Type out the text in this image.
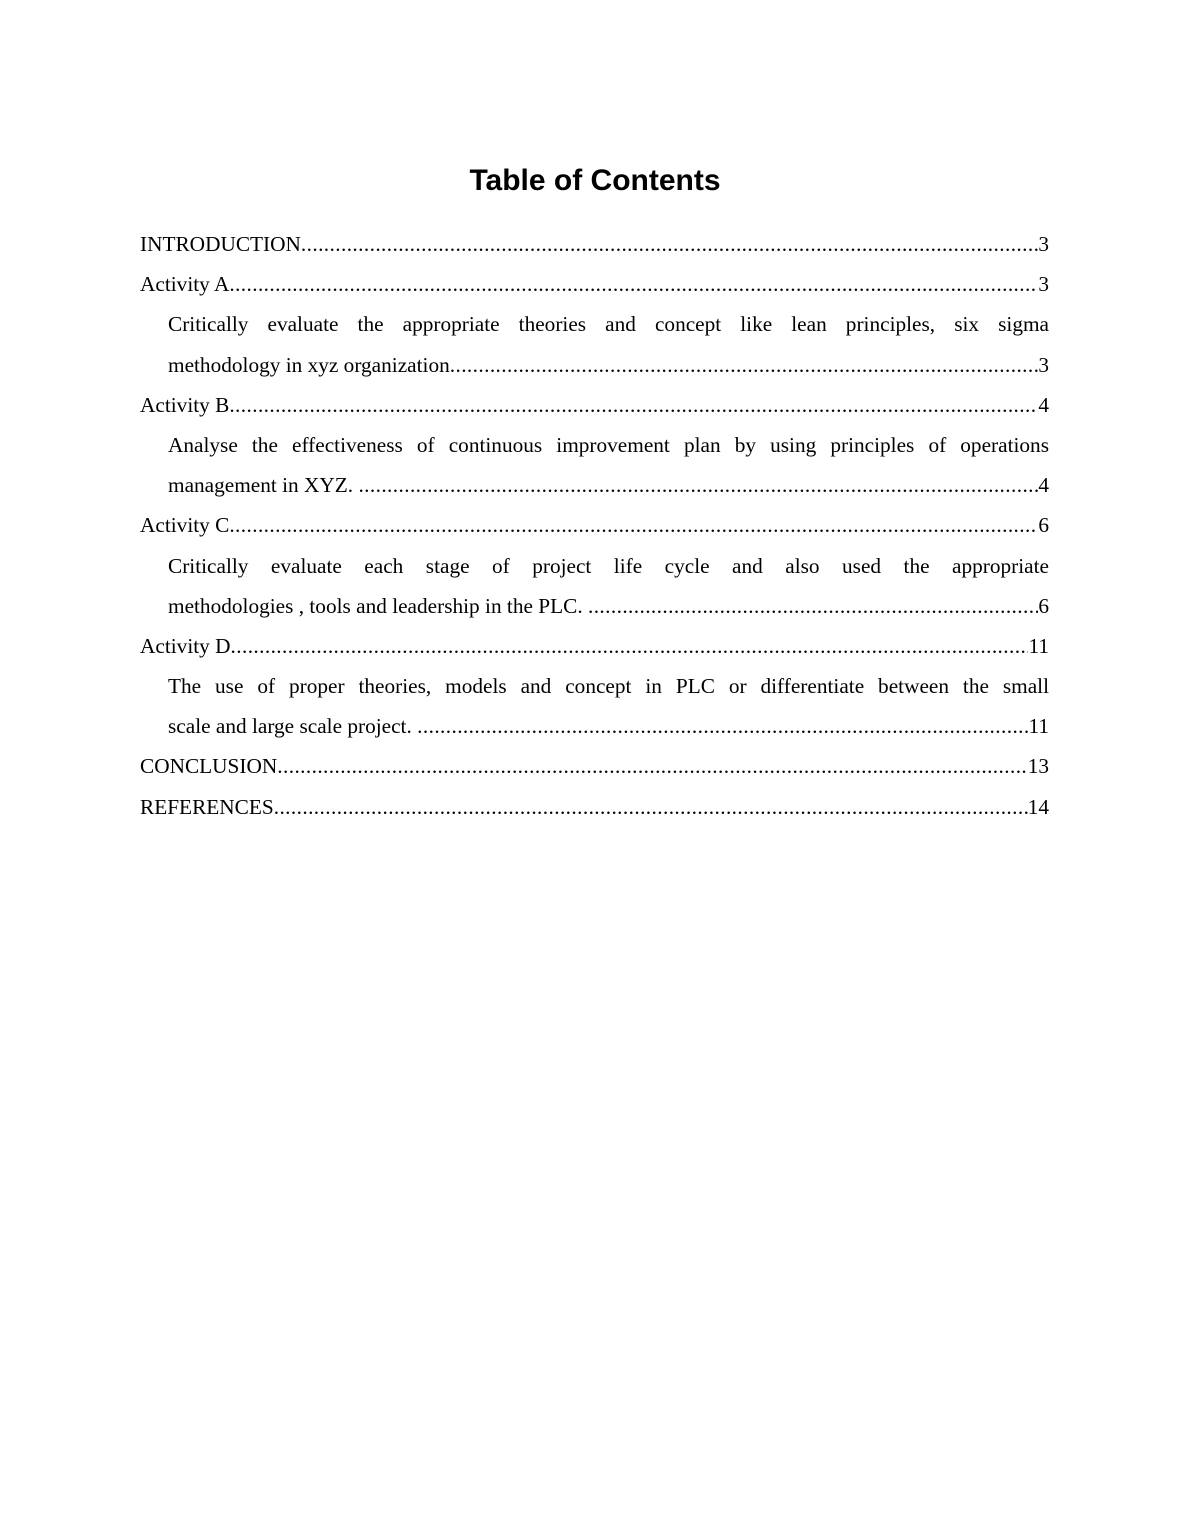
Table of Contents
INTRODUCTION .....	3
Activity A .....	3
Critically evaluate the appropriate theories and concept like lean principles, six sigma
methodology in xyz organization .....	3
Activity B .....	4
Analyse the effectiveness of continuous improvement plan by using principles of operations
management in XYZ. .....	4
Activity C .....	6
Critically evaluate each stage of project life cycle and also used the appropriate
methodologies , tools and leadership in the PLC. .....	6
Activity D .....	11
The use of proper theories, models and concept in PLC or differentiate between the small
scale and large scale project. .....	11
CONCLUSION .....	13
REFERENCES .....	14
